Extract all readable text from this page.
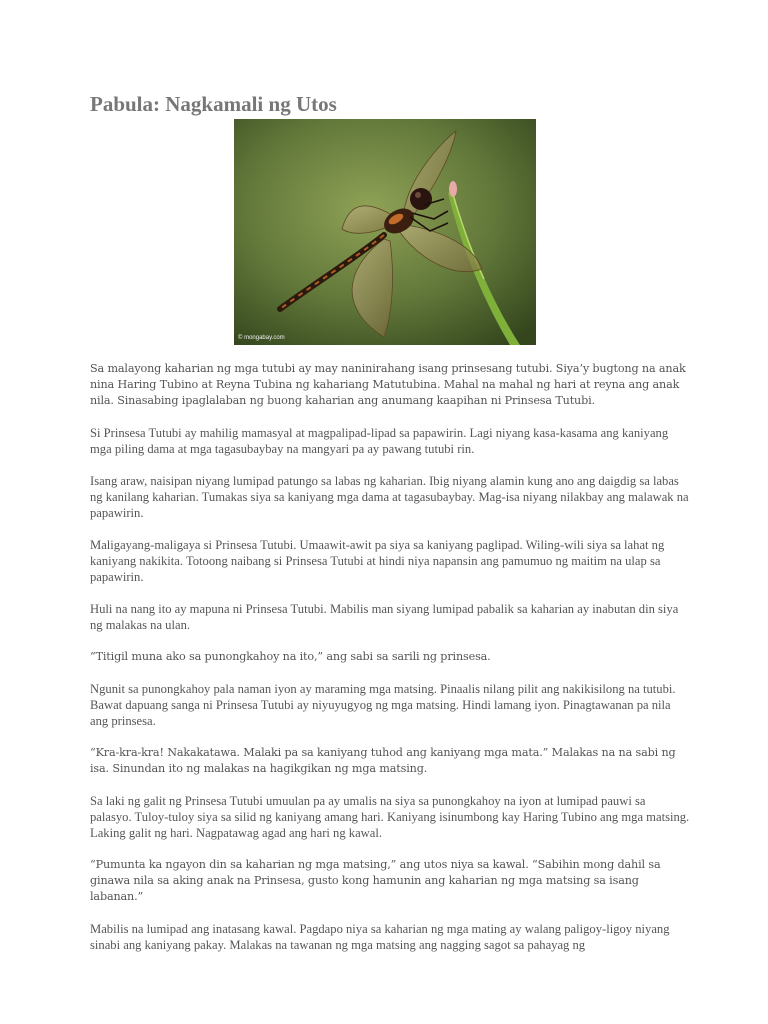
Pabula: Nagkamali ng Utos
© mongabay.com

Sa malayong kaharian ng mga tutubi ay may naninirahang isang prinsesang tutubi. Siya’y bugtong na anak nina Haring Tubino at Reyna Tubina ng kahariang Matutubina. Mahal na mahal ng hari at reyna ang anak nila. Sinasabing ipaglalaban ng buong kaharian ang anumang kaapihan ni Prinsesa Tutubi.

Si Prinsesa Tutubi ay mahilig mamasyal at magpalipad-lipad sa papawirin. Lagi niyang kasa-kasama ang kaniyang mga piling dama at mga tagasubaybay na mangyari pa ay pawang tutubi rin.

Isang araw, naisipan niyang lumipad patungo sa labas ng kaharian. Ibig niyang alamin kung ano ang daigdig sa labas ng kanilang kaharian. Tumakas siya sa kaniyang mga dama at tagasubaybay. Mag-isa niyang nilakbay ang malawak na papawirin.

Maligayang-maligaya si Prinsesa Tutubi. Umaawit-awit pa siya sa kaniyang paglipad. Wiling-wili siya sa lahat ng kaniyang nakikita. Totoong naibang si Prinsesa Tutubi at hindi niya napansin ang pamumuo ng maitim na ulap sa papawirin.

Huli na nang ito ay mapuna ni Prinsesa Tutubi. Mabilis man siyang lumipad pabalik sa kaharian ay inabutan din siya ng malakas na ulan.

“Titigil muna ako sa punongkahoy na ito,” ang sabi sa sarili ng prinsesa.

Ngunit sa punongkahoy pala naman iyon ay maraming mga matsing. Pinaalis nilang pilit ang nakikisilong na tutubi. Bawat dapuang sanga ni Prinsesa Tutubi ay niyuyugyog ng mga matsing. Hindi lamang iyon. Pinagtawanan pa nila ang prinsesa.

“Kra-kra-kra! Nakakatawa. Malaki pa sa kaniyang tuhod ang kaniyang mga mata.” Malakas na na sabi ng isa. Sinundan ito ng malakas na hagikgikan ng mga matsing.

Sa laki ng galit ng Prinsesa Tutubi umuulan pa ay umalis na siya sa punongkahoy na iyon at lumipad pauwi sa palasyo. Tuloy-tuloy siya sa silid ng kaniyang amang hari. Kaniyang isinumbong kay Haring Tubino ang mga matsing. Laking galit ng hari. Nagpatawag agad ang hari ng kawal.

“Pumunta ka ngayon din sa kaharian ng mga matsing,” ang utos niya sa kawal. “Sabihin mong dahil sa ginawa nila sa aking anak na Prinsesa, gusto kong hamunin ang kaharian ng mga matsing sa isang labanan.”

Mabilis na lumipad ang inatasang kawal. Pagdapo niya sa kaharian ng mga mating ay walang paligoy-ligoy niyang sinabi ang kaniyang pakay. Malakas na tawanan ng mga matsing ang nagging sagot sa pahayag ng
